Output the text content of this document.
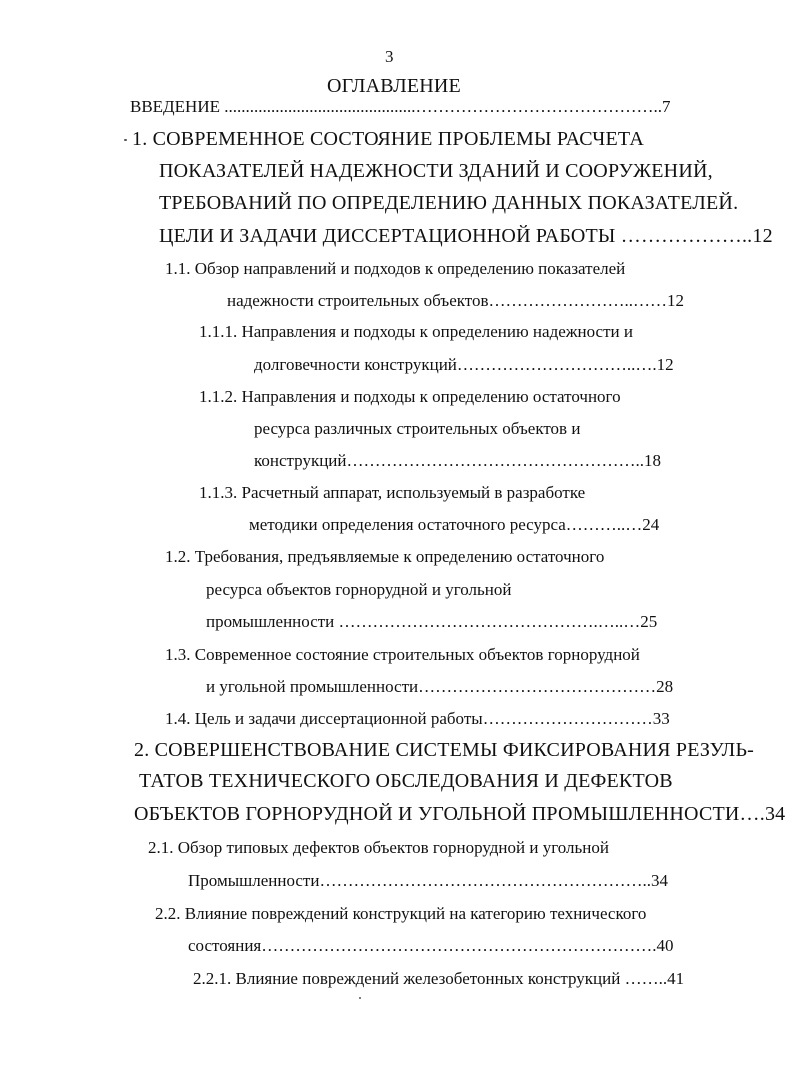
3
ОГЛАВЛЕНИЕ
ВВЕДЕНИЕ .............................................……………………………………..7
1. СОВРЕМЕННОЕ СОСТОЯНИЕ ПРОБЛЕМЫ РАСЧЕТА
ПОКАЗАТЕЛЕЙ НАДЕЖНОСТИ ЗДАНИЙ И СООРУЖЕНИЙ,
ТРЕБОВАНИЙ ПО ОПРЕДЕЛЕНИЮ ДАННЫХ ПОКАЗАТЕЛЕЙ.
ЦЕЛИ И ЗАДАЧИ ДИССЕРТАЦИОННОЙ РАБОТЫ ………………..12
1.1. Обзор направлений и подходов к определению показателей
надежности строительных объектов……………………..……12
1.1.1. Направления и подходы к определению надежности и
долговечности конструкций…………………………..….12
1.1.2. Направления и подходы к определению остаточного
ресурса различных строительных объектов и
конструкций……………………………………………..18
1.1.3. Расчетный аппарат, используемый в разработке
методики определения остаточного ресурса………..…24
1.2. Требования, предъявляемые к определению остаточного
ресурса объектов горнорудной и угольной
промышленности ……………………………………….…..…25
1.3. Современное состояние строительных объектов горнорудной
и угольной промышленности……………………………………28
1.4. Цель и задачи диссертационной работы…………………………33
2. СОВЕРШЕНСТВОВАНИЕ СИСТЕМЫ ФИКСИРОВАНИЯ РЕЗУЛЬ-
ТАТОВ ТЕХНИЧЕСКОГО ОБСЛЕДОВАНИЯ И ДЕФЕКТОВ
ОБЪЕКТОВ ГОРНОРУДНОЙ И УГОЛЬНОЙ ПРОМЫШЛЕННОСТИ….34
2.1. Обзор типовых дефектов объектов горнорудной и угольной
Промышленности…………………………………………………..34
2.2. Влияние повреждений конструкций на категорию технического
состояния…………………………………………………………….40
2.2.1. Влияние повреждений железобетонных конструкций ……..41
